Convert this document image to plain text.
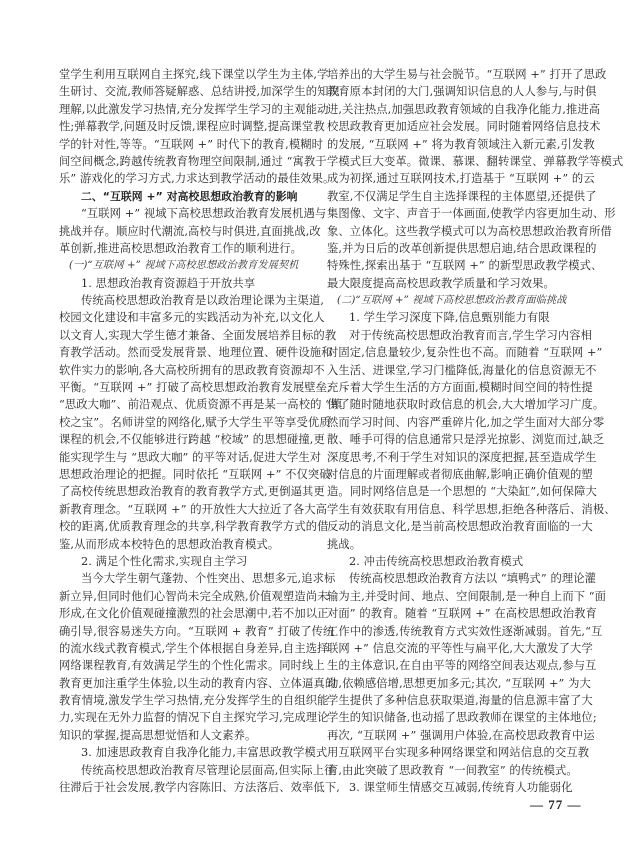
堂学生利用互联网自主探究,线下课堂以学生为主体,学
生研讨、交流,教师答疑解惑、总结讲授,加深学生的知识
理解,以此激发学习热情,充分发挥学生学习的主观能动
性;弹幕教学,问题及时反馈,课程应时调整,提高课堂教
学的针对性,等等。“互联网 +” 时代下的教育,模糊时
间空间概念,跨越传统教育物理空间限制,通过 “寓教于
乐” 游戏化的学习方式,力求达到教学活动的最佳效果。
二、“互联网 +” 对高校思想政治教育的影响
“互联网 +” 视域下高校思想政治教育发展机遇与
挑战并存。顺应时代潮流,高校与时俱进,直面挑战,改
革创新,推进高校思想政治教育工作的顺利进行。
(一)“互联网 +” 视域下高校思想政治教育发展契机
1. 思想政治教育资源趋于开放共享
传统高校思想政治教育是以政治理论课为主渠道,
校园文化建设和丰富多元的实践活动为补充,以文化人
以文育人,实现大学生德才兼备、全面发展培养目标的教
育教学活动。然而受发展背景、地理位置、硬件设施和
软件实力的影响,各大高校所拥有的思政教育资源却不
平衡。“互联网 +” 打破了高校思想政治教育发展壁垒,
“思政大咖”、前沿观点、优质资源不再是某一高校的 “镇
校之宝”。名师讲堂的网络化,赋予大学生平等享受优质
课程的机会,不仅能够进行跨越 “校域” 的思想碰撞,更
能实现学生与 “思政大咖” 的平等对话,促进大学生对
思想政治理论的把握。同时依托 “互联网 +” 不仅突破
了高校传统思想政治教育的教育教学方式,更倒逼其更
新教育理念。“互联网 +” 的开放性大大拉近了各大高
校的距离,优质教育理念的共享,科学教育教学方式的借
鉴,从而形成本校特色的思想政治教育模式。
2. 满足个性化需求,实现自主学习
当今大学生朝气蓬勃、个性突出、思想多元,追求标
新立异,但同时他们心智尚未完全成熟,价值观塑造尚未
形成,在文化价值观碰撞激烈的社会思潮中,若不加以正
确引导,很容易迷失方向。“互联网 + 教育” 打破了传统
的流水线式教育模式,学生个体根据自身差异,自主选择
网络课程教育,有效满足学生的个性化需求。同时线上
教育更加注重学生体验,以生动的教育内容、立体逼真的
教育情境,激发学生学习热情,充分发挥学生的自组织能
力,实现在无外力监督的情况下自主探究学习,完成理论
知识的掌握,提高思想觉悟和人文素养。
3. 加速思政教育自我净化能力,丰富思政教学模式
传统高校思想政治教育尽管理论层面高,但实际上往
往滞后于社会发展,教学内容陈旧、方法落后、效率低下,
培养出的大学生易与社会脱节。“互联网 +” 打开了思政
教育原本封闭的大门,强调知识信息的人人参与,与时俱
进,关注热点,加强思政教育领域的自我净化能力,推进高
校思政教育更加适应社会发展。同时随着网络信息技术
的发展, “互联网 +” 将为教育领域注入新元素,引发教
学模式巨大变革。微课、慕课、翻转课堂、弹幕教学等模式
成为初探,通过互联网技术,打造基于 “互联网 +” 的云
教室,不仅满足学生自主选择课程的主体愿望,还提供了
集图像、文字、声音于一体画面,使教学内容更加生动、形
象、立体化。这些教学模式可以为高校思想政治教育所借
鉴,并为日后的改革创新提供思想启迪,结合思政课程的
特殊性,探索出基于 “互联网 +” 的新型思政教学模式、
最大限度提高高校思政教学质量和学习效果。
(二)“互联网 +” 视域下高校思想政治教育面临挑战
1. 学生学习深度下降,信息甄别能力有限
对于传统高校思想政治教育而言,学生学习内容相
对固定,信息量较少,复杂性也不高。而随着 “互联网 +”
入生活、进课堂,学习门槛降低,海量化的信息资源无不
充斥着大学生生活的方方面面,模糊时间空间的特性提
供了随时随地获取时政信息的机会,大大增加学习广度。
然而学习时间、内容严重碎片化,加之学生面对大部分零
散、唾手可得的信息通常只是浮光掠影、浏览而过,缺乏
深度思考,不利于学生对知识的深度把握,甚至造成学生
对信息的片面理解或者彻底曲解,影响正确价值观的塑
造。同时网络信息是一个思想的 “大染缸”,如何保障大
学生有效获取有用信息、科学思想,拒绝各种落后、消极、
反动的消息文化,是当前高校思想政治教育面临的一大
挑战。
2. 冲击传统高校思想政治教育模式
传统高校思想政治教育方法以 “填鸭式” 的理论灌
输为主,并受时间、地点、空间限制,是一种自上而下 “面
对面” 的教育。随着 “互联网 +” 在高校思想政治教育
工作中的渗透,传统教育方式实效性逐渐减弱。首先,“互
联网 +” 信息交流的平等性与扁平化,大大激发了大学
生的主体意识,在自由平等的网络空间表达观点,参与互
动,依赖感倍增,思想更加多元;其次, “互联网 +” 为大
学生提供了多种信息获取渠道,海量的信息源丰富了大
学生的知识储备,也动摇了思政教师在课堂的主体地位;
再次, “互联网 +” 强调用户体验,在高校思政教育中运
用互联网平台实现多种网络课堂和网站信息的交互教
育,由此突破了思政教育 “一间教室” 的传统模式。
3. 课堂师生情感交互减弱,传统育人功能弱化
— 77 —
